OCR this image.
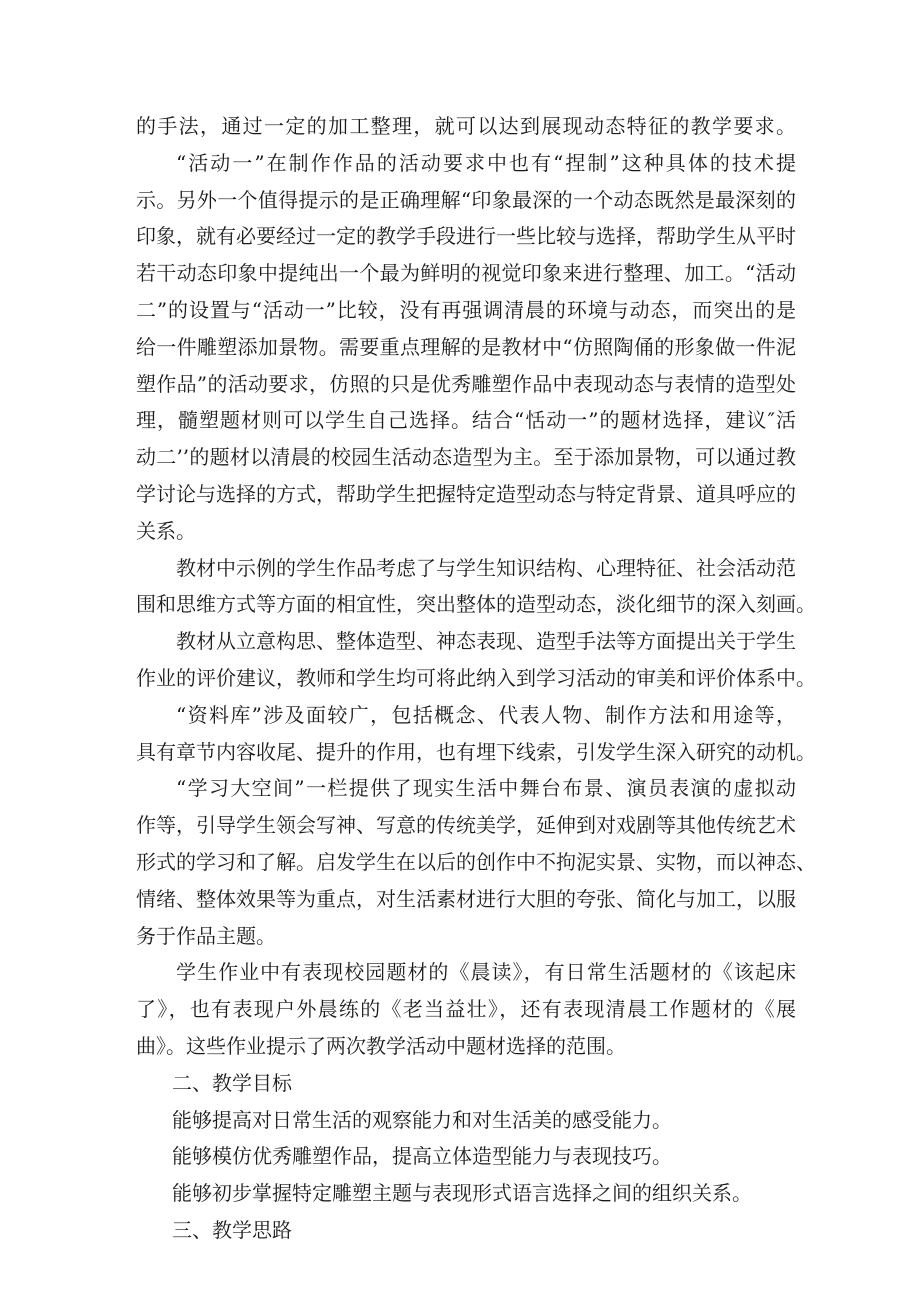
的手法，通过一定的加工整理，就可以达到展现动态特征的教学要求。
“活动一”在制作作品的活动要求中也有“捏制”这种具体的技术提
示。另外一个值得提示的是正确理解“印象最深的一个动态既然是最深刻的
印象，就有必要经过一定的教学手段进行一些比较与选择，帮助学生从平时
若干动态印象中提纯出一个最为鲜明的视觉印象来进行整理、加工。“活动
二”的设置与“活动一”比较，没有再强调清晨的环境与动态，而突出的是
给一件雕塑添加景物。需要重点理解的是教材中“仿照陶俑的形象做一件泥
塑作品”的活动要求，仿照的只是优秀雕塑作品中表现动态与表情的造型处
理，髓塑题材则可以学生自己选择。结合“恬动一”的题材选择，建议″活
动二’’的题材以清晨的校园生活动态造型为主。至于添加景物，可以通过教
学讨论与选择的方式，帮助学生把握特定造型动态与特定背景、道具呼应的
关系。
教材中示例的学生作品考虑了与学生知识结构、心理特征、社会活动范
围和思维方式等方面的相宜性，突出整体的造型动态，淡化细节的深入刻画。
教材从立意构思、整体造型、神态表现、造型手法等方面提出关于学生
作业的评价建议，教师和学生均可将此纳入到学习活动的审美和评价体系中。
“资料库”涉及面较广，包括概念、代表人物、制作方法和用途等，
具有章节内容收尾、提升的作用，也有埋下线索，引发学生深入研究的动机。
“学习大空间”一栏提供了现实生活中舞台布景、演员表演的虚拟动
作等，引导学生领会写神、写意的传统美学，延伸到对戏剧等其他传统艺术
形式的学习和了解。启发学生在以后的创作中不拘泥实景、实物，而以神态、
情绪、整体效果等为重点，对生活素材进行大胆的夸张、简化与加工，以服
务于作品主题。
学生作业中有表现校园题材的《晨读》，有日常生活题材的《该起床
了》，也有表现户外晨练的《老当益壮》，还有表现清晨工作题材的《展
曲》。这些作业提示了两次教学活动中题材选择的范围。
二、教学目标
能够提高对日常生活的观察能力和对生活美的感受能力。
能够模仿优秀雕塑作品，提高立体造型能力与表现技巧。
能够初步掌握特定雕塑主题与表现形式语言选择之间的组织关系。
三、教学思路
